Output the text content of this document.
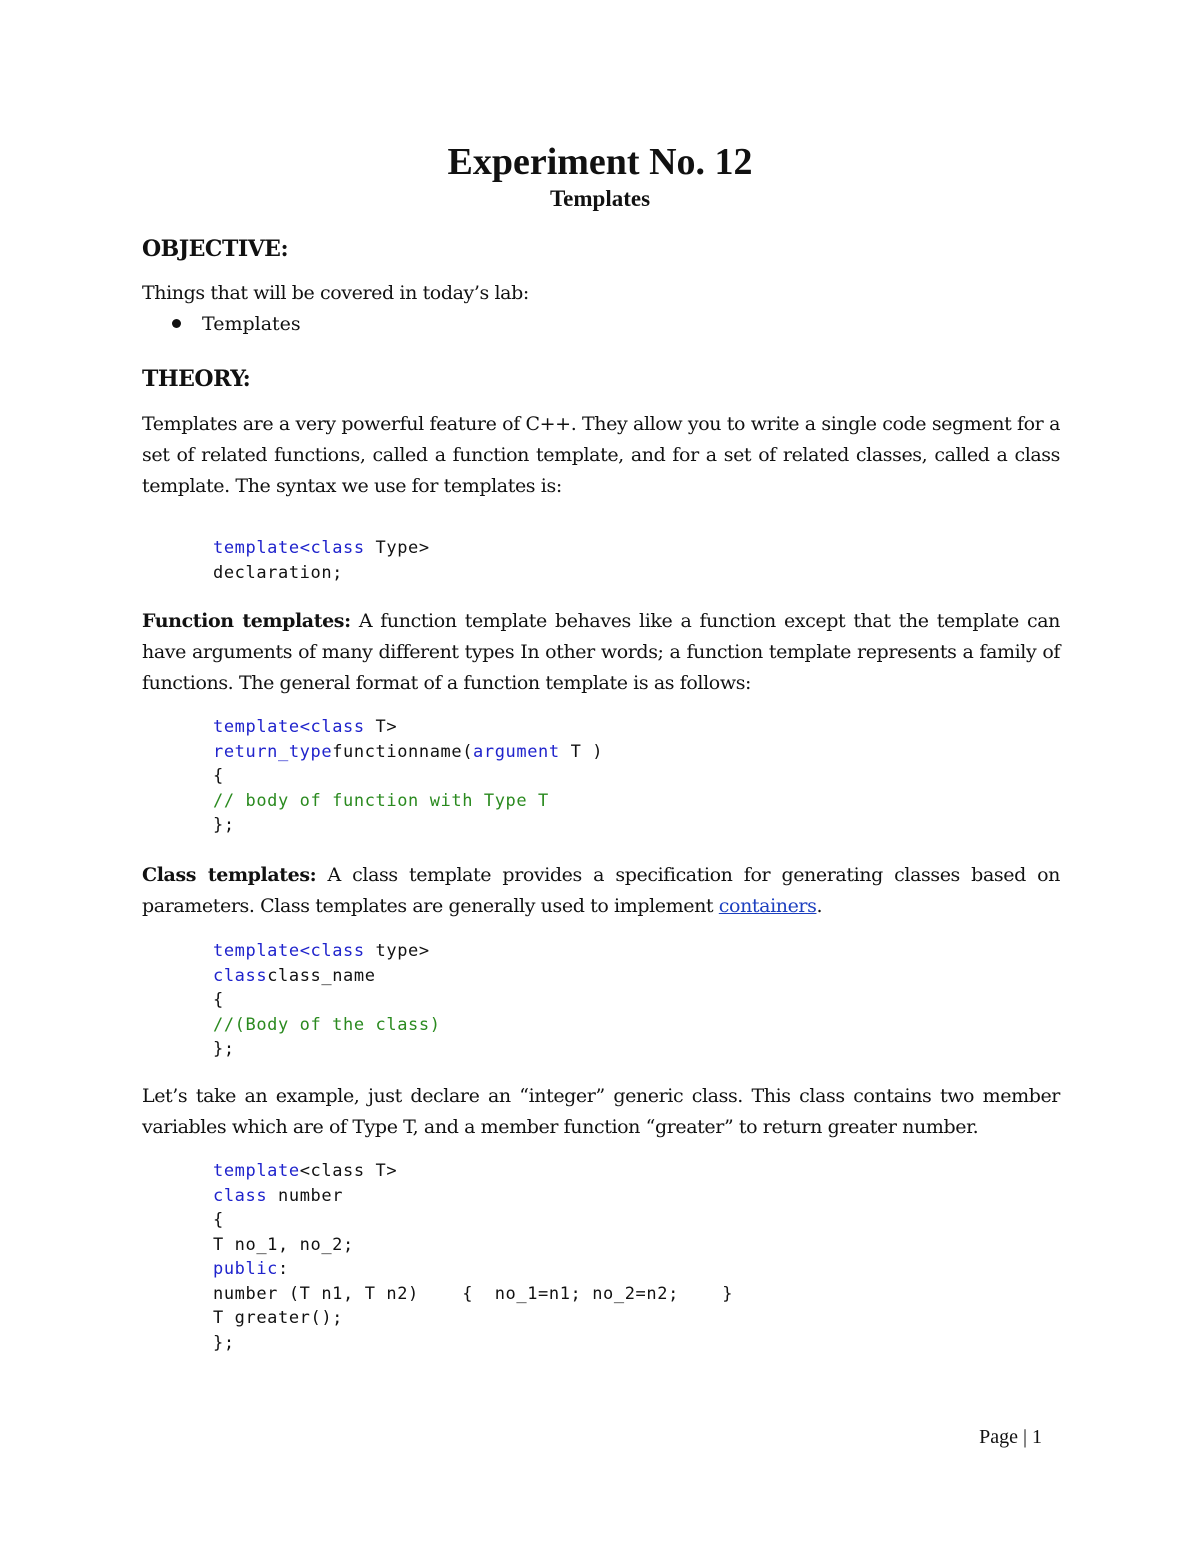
Experiment No. 12
Templates
OBJECTIVE:
Things that will be covered in today’s lab:
Templates
THEORY:
Templates are a very powerful feature of C++. They allow you to write a single code segment for a set of related functions, called a function template, and for a set of related classes, called a class template. The syntax we use for templates is:
template<class Type>
declaration;
Function templates: A function template behaves like a function except that the template can have arguments of many different types In other words; a function template represents a family of functions. The general format of a function template is as follows:
template<class T>
return_typefunctionname(argument T )
{
// body of function with Type T
};
Class templates: A class template provides a specification for generating classes based on parameters. Class templates are generally used to implement containers.
template<class type>
classclass_name
{
//(Body of the class)
};
Let’s take an example, just declare an “integer” generic class. This class contains two member variables which are of Type T, and a member function “greater” to return greater number.
template<class T>
class number
{
T no_1, no_2;
public:
number (T n1, T n2)    {  no_1=n1; no_2=n2;    }
T greater();
};
Page | 1
